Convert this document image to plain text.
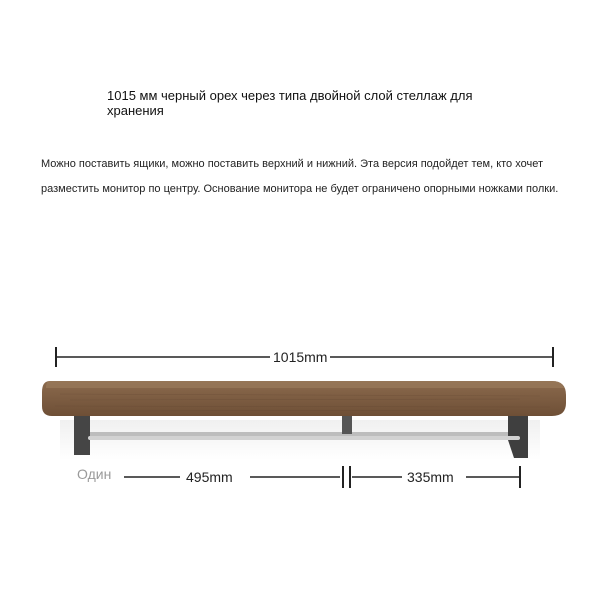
1015 мм черный орех через типа двойной слой стеллаж для хранения
Можно поставить ящики, можно поставить верхний и нижний. Эта версия подойдет тем, кто хочет
разместить монитор по центру. Основание монитора не будет ограничено опорными ножками полки.
1015mm
495mm	335mm
Один
